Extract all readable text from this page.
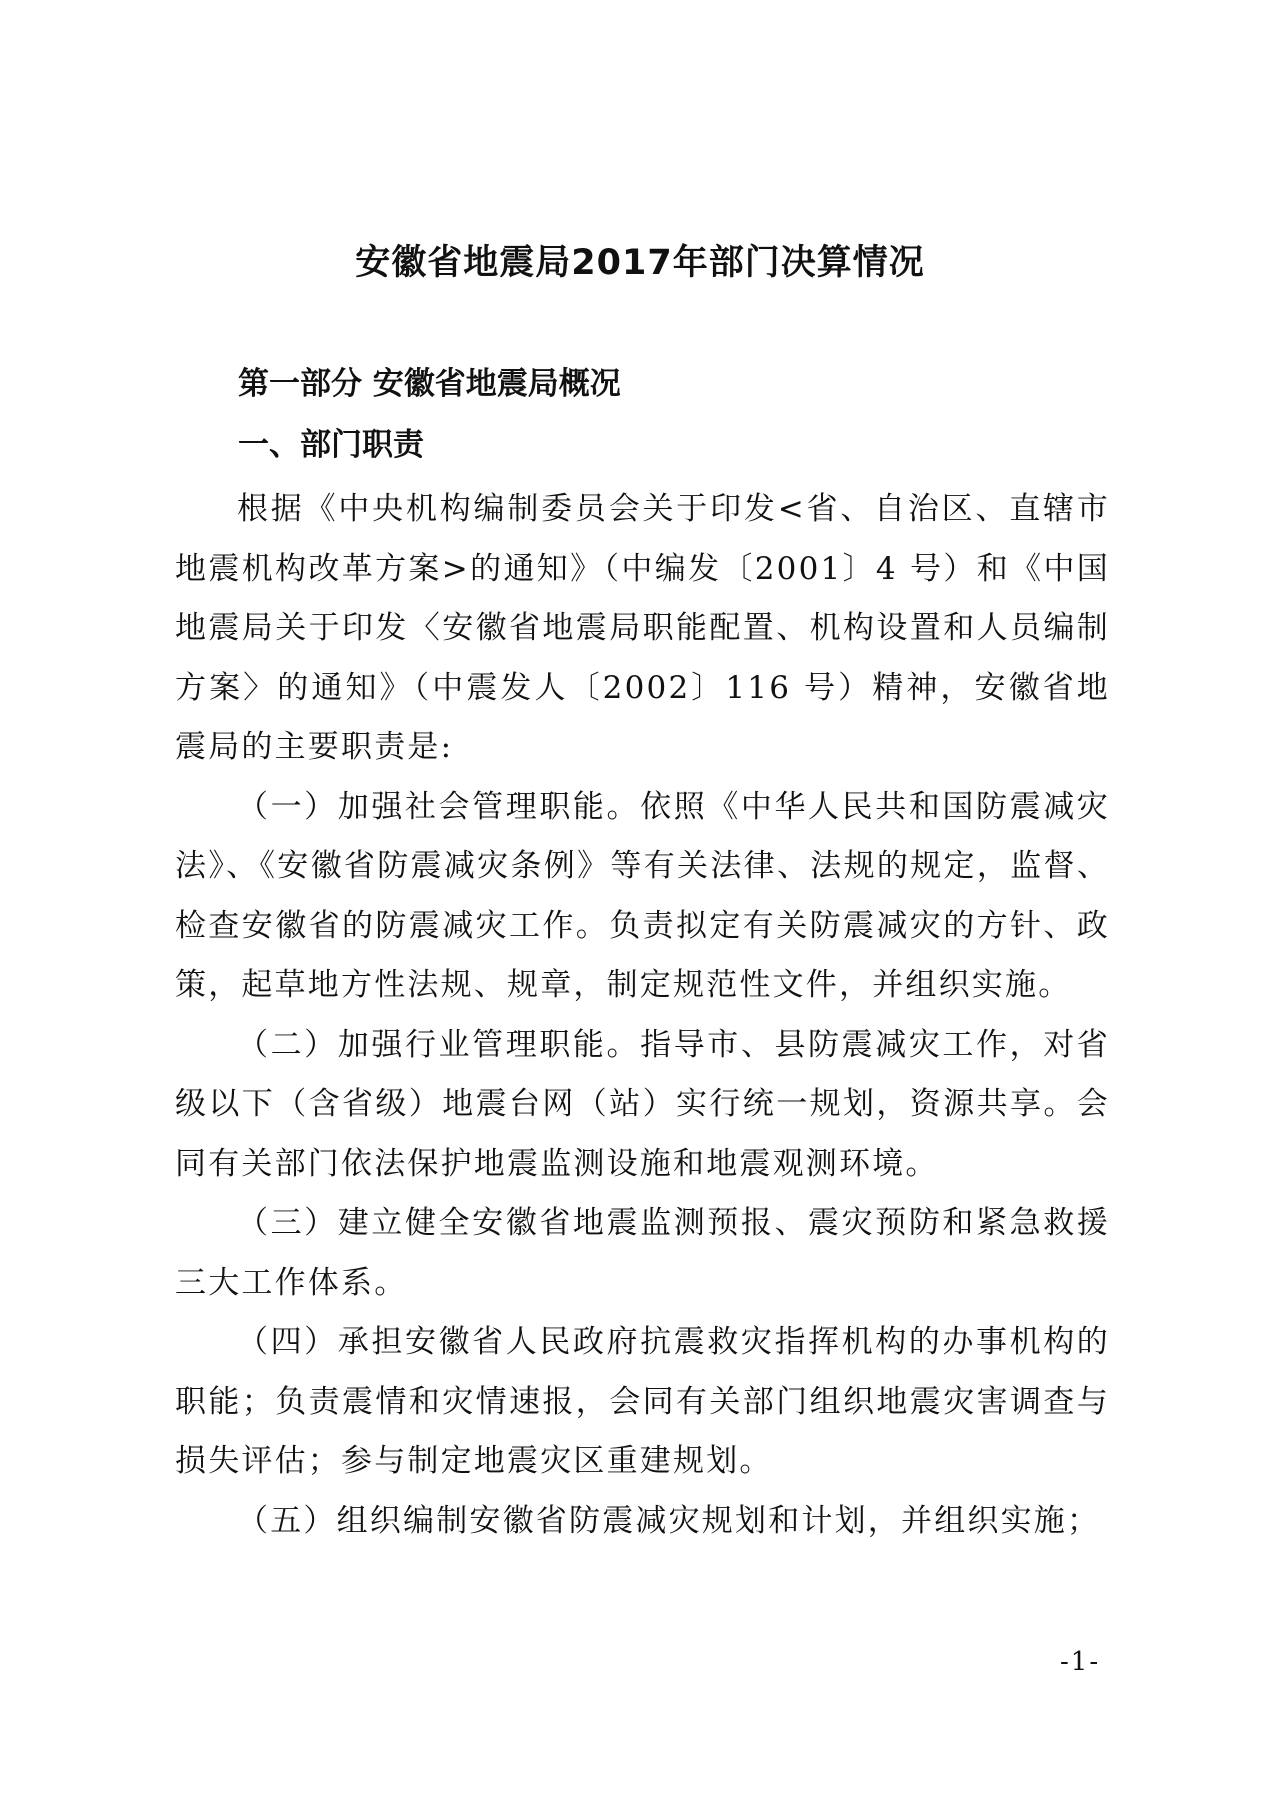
安徽省地震局2017年部门决算情况
第一部分 安徽省地震局概况
一、部门职责

根据《中央机构编制委员会关于印发<省、自治区、直辖市地震机构改革方案>的通知》（中编发〔2001〕4 号）和《中国地震局关于印发〈安徽省地震局职能配置、机构设置和人员编制方案〉的通知》（中震发人〔2002〕116 号）精神，安徽省地震局的主要职责是:

（一）加强社会管理职能。依照《中华人民共和国防震减灾法》、《安徽省防震减灾条例》等有关法律、法规的规定，监督、检查安徽省的防震减灾工作。负责拟定有关防震减灾的方针、政策，起草地方性法规、规章，制定规范性文件，并组织实施。

（二）加强行业管理职能。指导市、县防震减灾工作，对省级以下（含省级）地震台网（站）实行统一规划，资源共享。会同有关部门依法保护地震监测设施和地震观测环境。

（三）建立健全安徽省地震监测预报、震灾预防和紧急救援三大工作体系。

（四）承担安徽省人民政府抗震救灾指挥机构的办事机构的职能；负责震情和灾情速报，会同有关部门组织地震灾害调查与损失评估；参与制定地震灾区重建规划。

（五）组织编制安徽省防震减灾规划和计划，并组织实施；

-1-
